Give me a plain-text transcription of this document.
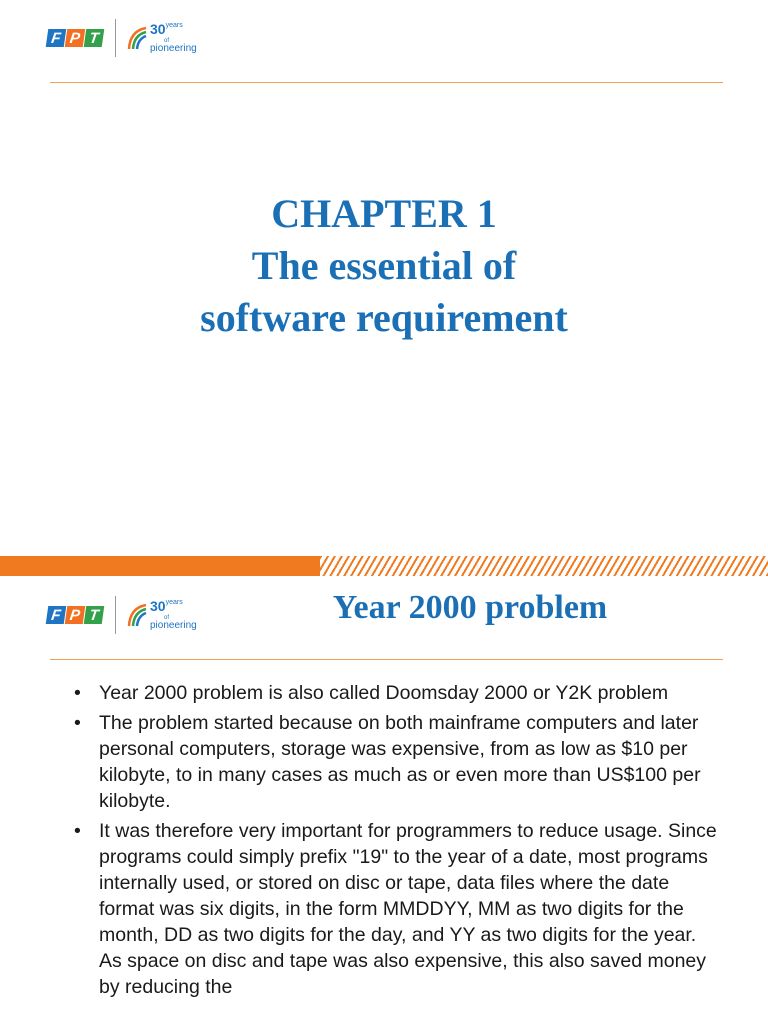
F P T
$30^{years}$
of
pioneering
CHAPTER 1
The essential of
software requirement
F P T
$30^{years}$
of
pioneering	Year 2000 problem
• Year 2000 problem is also called Doomsday 2000 or Y2K problem
• The problem started because on both mainframe computers and later personal computers, storage was expensive, from as low as $10 per kilobyte, to in many cases as much as or even more than US$100 per kilobyte.
• It was therefore very important for programmers to reduce usage. Since programs could simply prefix "19" to the year of a date, most programs internally used, or stored on disc or tape, data files where the date format was six digits, in the form MMDDYY, MM as two digits for the month, DD as two digits for the day, and YY as two digits for the year. As space on disc and tape was also expensive, this also saved money by reducing the
